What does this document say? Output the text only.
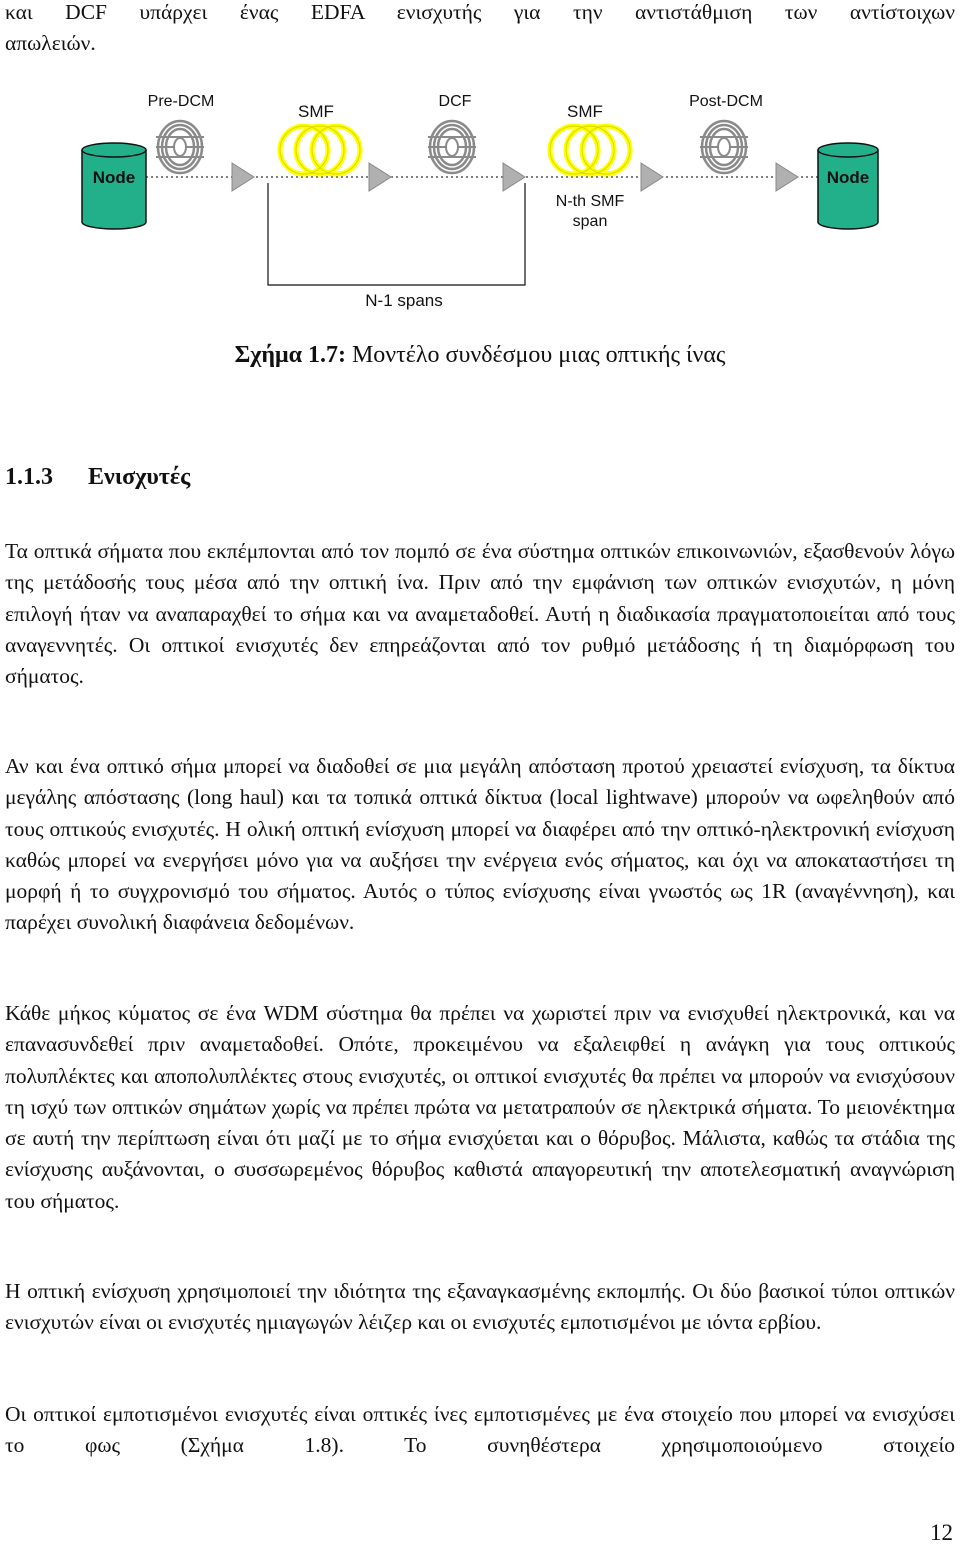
και DCF υπάρχει ένας EDFA ενισχυτής για την αντιστάθμιση των αντίστοιχων

απωλειών.

Node	Node
Pre-DCM
SMF
DCF
SMF
Post-DCM
N-th SMF
span
N-1 spans
Σχήμα 1.7: Μοντέλο συνδέσμου μιας οπτικής ίνας
1.1.3 Ενισχυτές

Τα οπτικά σήματα που εκπέμπονται από τον πομπό σε ένα σύστημα οπτικών επικοινωνιών, εξασθενούν λόγω της μετάδοσής τους μέσα από την οπτική ίνα. Πριν από την εμφάνιση των οπτικών ενισχυτών, η μόνη επιλογή ήταν να αναπαραχθεί το σήμα και να αναμεταδοθεί. Αυτή η διαδικασία πραγματοποιείται από τους αναγεννητές. Οι οπτικοί ενισχυτές δεν επηρεάζονται από τον ρυθμό μετάδοσης ή τη διαμόρφωση του σήματος.

Αν και ένα οπτικό σήμα μπορεί να διαδοθεί σε μια μεγάλη απόσταση προτού χρειαστεί ενίσχυση, τα δίκτυα μεγάλης απόστασης (long haul) και τα τοπικά οπτικά δίκτυα (local lightwave) μπορούν να ωφεληθούν από τους οπτικούς ενισχυτές. Η ολική οπτική ενίσχυση μπορεί να διαφέρει από την οπτικό-ηλεκτρονική ενίσχυση καθώς μπορεί να ενεργήσει μόνο για να αυξήσει την ενέργεια ενός σήματος, και όχι να αποκαταστήσει τη μορφή ή το συγχρονισμό του σήματος. Αυτός ο τύπος ενίσχυσης είναι γνωστός ως 1R (αναγέννηση), και παρέχει συνολική διαφάνεια δεδομένων.

Κάθε μήκος κύματος σε ένα WDM σύστημα θα πρέπει να χωριστεί πριν να ενισχυθεί ηλεκτρονικά, και να επανασυνδεθεί πριν αναμεταδοθεί. Οπότε, προκειμένου να εξαλειφθεί η ανάγκη για τους οπτικούς πολυπλέκτες και αποπολυπλέκτες στους ενισχυτές, οι οπτικοί ενισχυτές θα πρέπει να μπορούν να ενισχύσουν τη ισχύ των οπτικών σημάτων χωρίς να πρέπει πρώτα να μετατραπούν σε ηλεκτρικά σήματα. Το μειονέκτημα σε αυτή την περίπτωση είναι ότι μαζί με το σήμα ενισχύεται και ο θόρυβος. Μάλιστα, καθώς τα στάδια της ενίσχυσης αυξάνονται, ο συσσωρεμένος θόρυβος καθιστά απαγορευτική την αποτελεσματική αναγνώριση του σήματος.

Η οπτική ενίσχυση χρησιμοποιεί την ιδιότητα της εξαναγκασμένης εκπομπής. Οι δύο βασικοί τύποι οπτικών ενισχυτών είναι οι ενισχυτές ημιαγωγών λέιζερ και οι ενισχυτές εμποτισμένοι με ιόντα ερβίου.

Οι οπτικοί εμποτισμένοι ενισχυτές είναι οπτικές ίνες εμποτισμένες με ένα στοιχείο που μπορεί να ενισχύσει το φως (Σχήμα 1.8). Το συνηθέστερα χρησιμοποιούμενο στοιχείο

12
